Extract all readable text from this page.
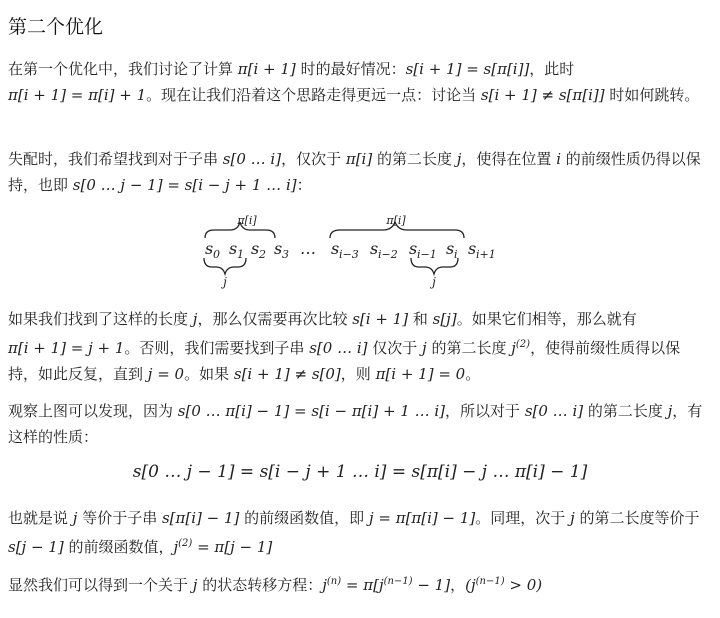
第二个优化

在第一个优化中，我们讨论了计算 π[i + 1] 时的最好情况：s[i + 1] = s[π[i]]，此时
π[i + 1] = π[i] + 1。现在让我们沿着这个思路走得更远一点：讨论当 s[i + 1] ≠ s[π[i]] 时如何跳转。

失配时，我们希望找到对于子串 s[0 … i]，仅次于 π[i] 的第二长度 j，使得在位置 i 的前缀性质仍得以保持，也即 s[0 … j − 1] = s[i − j + 1 … i]：

π[i]	π[i]
s 0 s 1 s 2 s 3 … s i−3 s i−2 s i−1 s i s i+1
j	j

如果我们找到了这样的长度 j，那么仅需要再次比较 s[i + 1] 和 s[j]。如果它们相等，那么就有
π[i + 1] = j + 1。否则，我们需要找到子串 s[0 … i] 仅次于 j 的第二长度 $j^{(2)}$，使得前缀性质得以保持，如此反复，直到 j = 0。如果 s[i + 1] ≠ s[0]，则 π[i + 1] = 0。

观察上图可以发现，因为 s[0 … π[i] − 1] = s[i − π[i] + 1 … i]，所以对于 s[0 … i] 的第二长度 j，有这样的性质：

s[0 … j − 1] = s[i − j + 1 … i] = s[π[i] − j … π[i] − 1]

也就是说 j 等价于子串 s[π[i] − 1] 的前缀函数值，即 j = π[π[i] − 1]。同理，次于 j 的第二长度等价于 s[j − 1] 的前缀函数值，$j^{(2)} = \pi[j - 1]$

显然我们可以得到一个关于 j 的状态转移方程：$j^{(n)} = \pi[j^{(n-1)} - 1]$，$(j^{(n-1)} > 0)$
